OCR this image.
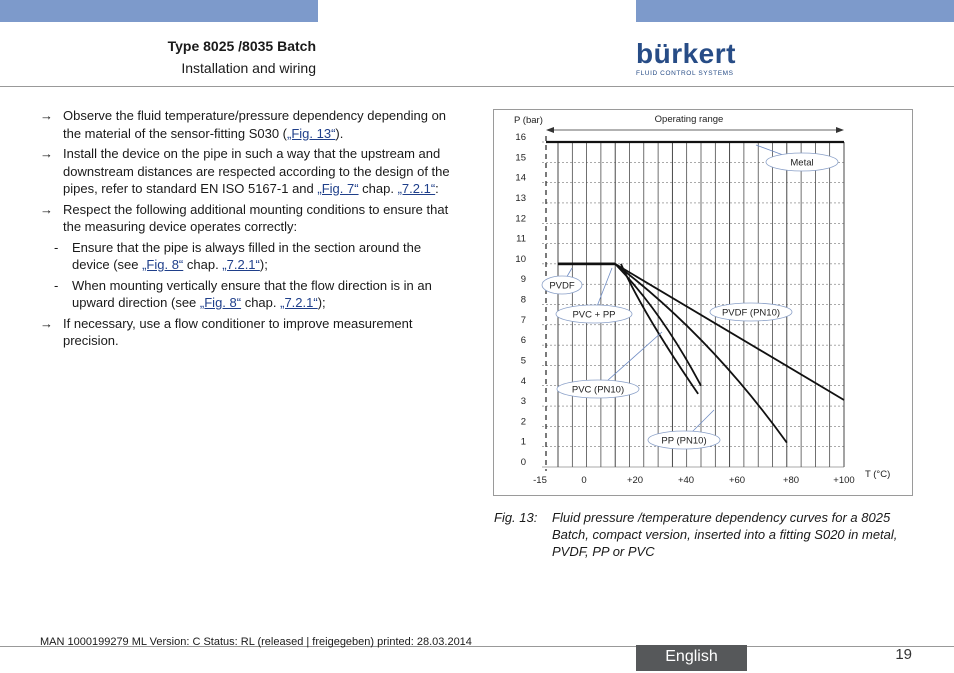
Type 8025 /8035 Batch
Installation and wiring	bürkert
FLUID CONTROL SYSTEMS
→ Observe the fluid temperature/pressure dependency depending on the material of the sensor-fitting S030 („Fig. 13“).
→ Install the device on the pipe in such a way that the upstream and downstream distances are respected according to the design of the pipes, refer to standard EN ISO 5167-1 and „Fig. 7“ chap. „7.2.1“:
→ Respect the following additional mounting conditions to ensure that the measuring device operates correctly:
- Ensure that the pipe is always filled in the section around the device (see „Fig. 8“ chap. „7.2.1“);
- When mounting vertically ensure that the flow direction is in an upward direction (see „Fig. 8“ chap. „7.2.1“);
→ If necessary, use a flow conditioner to improve measurement precision.
0
1
2
3
4
5
6
7
8
9
10
11
12
13
14
15
16
-15	0	+20	+40	+60	+80	+100
P (bar)
T (°C)
Operating range
Metal
PVDF
PVC + PP	PVDF (PN10)
PVC (PN10)
PP (PN10)
Fig. 13: Fluid pressure /temperature dependency curves for a 8025 Batch, compact version, inserted into a fitting S020 in metal, PVDF, PP or PVC
MAN 1000199279 ML Version: C Status: RL (released | freigegeben) printed: 28.03.2014
English	19
